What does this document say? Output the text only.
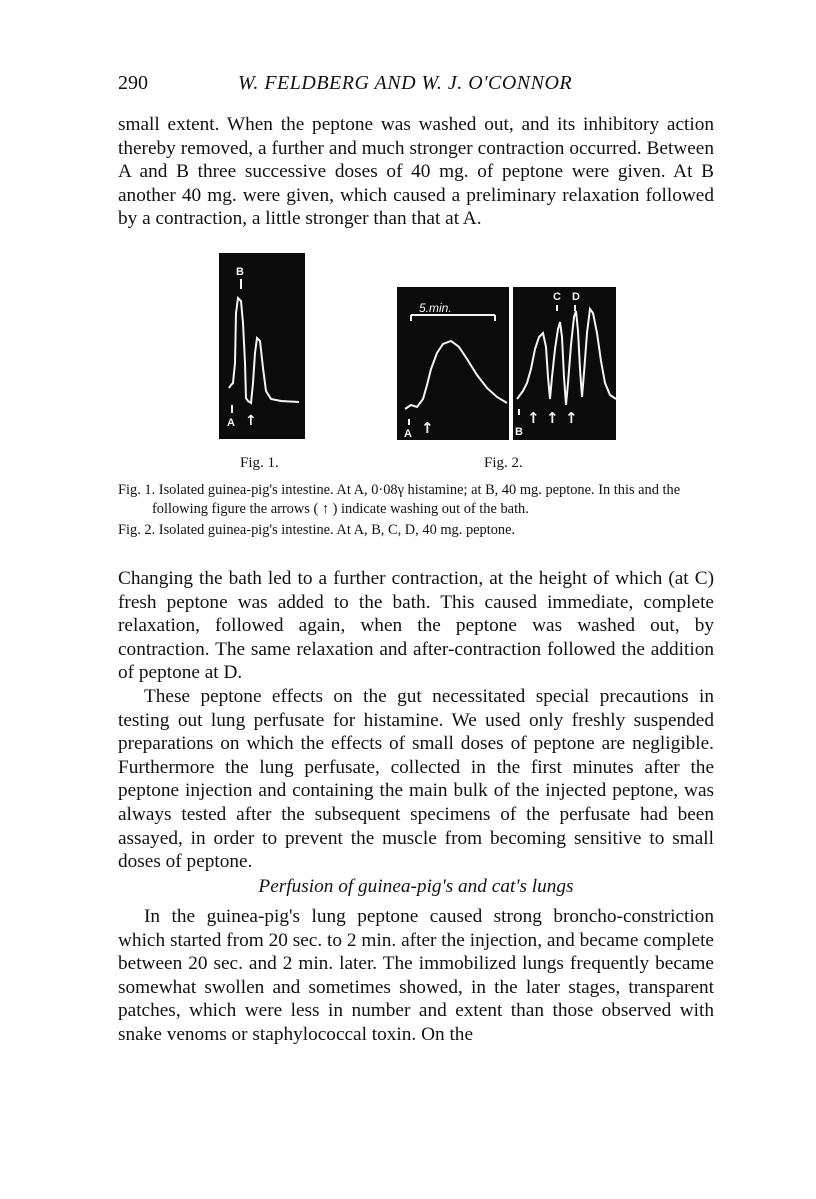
290	W. FELDBERG AND W. J. O'CONNOR

small extent. When the peptone was washed out, and its inhibitory action thereby removed, a further and much stronger contraction occurred. Between A and B three successive doses of 40 mg. of peptone were given. At B another 40 mg. were given, which caused a preliminary relaxation followed by a contraction, a little stronger than that at A.

B
A ↑
5.min.
A ↑
C D
B
↑ ↑ ↑
Fig. 1.	Fig. 2.

Fig. 1. Isolated guinea-pig's intestine. At A, 0·08γ histamine; at B, 40 mg. peptone. In this and the following figure the arrows ( ↑ ) indicate washing out of the bath.

Fig. 2. Isolated guinea-pig's intestine. At A, B, C, D, 40 mg. peptone.

Changing the bath led to a further contraction, at the height of which (at C) fresh peptone was added to the bath. This caused immediate, complete relaxation, followed again, when the peptone was washed out, by contraction. The same relaxation and after-contraction followed the addition of peptone at D.

These peptone effects on the gut necessitated special precautions in testing out lung perfusate for histamine. We used only freshly suspended preparations on which the effects of small doses of peptone are negligible. Furthermore the lung perfusate, collected in the first minutes after the peptone injection and containing the main bulk of the injected peptone, was always tested after the subsequent specimens of the perfusate had been assayed, in order to prevent the muscle from becoming sensitive to small doses of peptone.

Perfusion of guinea-pig's and cat's lungs

In the guinea-pig's lung peptone caused strong broncho-constriction which started from 20 sec. to 2 min. after the injection, and became complete between 20 sec. and 2 min. later. The immobilized lungs frequently became somewhat swollen and sometimes showed, in the later stages, transparent patches, which were less in number and extent than those observed with snake venoms or staphylococcal toxin. On the
